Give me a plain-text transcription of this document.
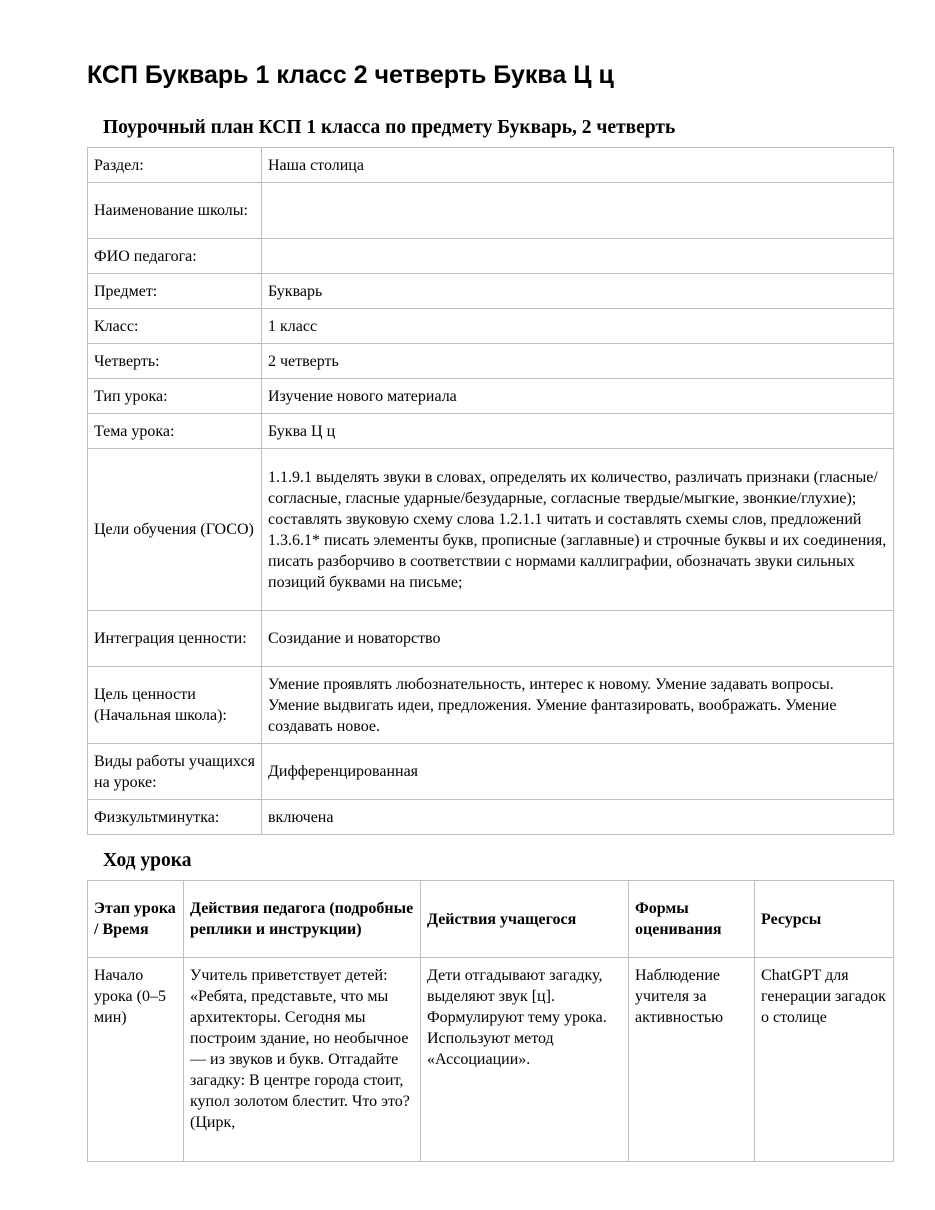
КСП Букварь 1 класс 2 четверть Буква Ц ц
Поурочный план КСП 1 класса по предмету Букварь, 2 четверть
Раздел:	Наша столица
Наименование школы:	
ФИО педагога:	
Предмет:	Букварь
Класс:	1 класс
Четверть:	2 четверть
Тип урока:	Изучение нового материала
Тема урока:	Буква Ц ц
Цели обучения (ГОСО)	1.1.9.1 выделять звуки в словах, определять их количество, различать признаки (гласные/ согласные, гласные ударные/безударные, согласные твердые/мыгкие, звонкие/глухие); составлять звуковую схему слова 1.2.1.1 читать и составлять схемы слов, предложений 1.3.6.1* писать элементы букв, прописные (заглавные) и строчные буквы и их соединения, писать разборчиво в соответствии с нормами каллиграфии, обозначать звуки сильных позиций буквами на письме;
Интеграция ценности:	Созидание и новаторство
Цель ценности (Начальная школа):	Умение проявлять любознательность, интерес к новому. Умение задавать вопросы. Умение выдвигать идеи, предложения. Умение фантазировать, воображать. Умение создавать новое.
Виды работы учащихся на уроке:	Дифференцированная
Физкультминутка:	включена
Ход урока
Этап урока / Время	Действия педагога (подробные реплики и инструкции)	Действия учащегося	Формы оценивания	Ресурсы
Начало урока (0–5 мин)	Учитель приветствует детей: «Ребята, представьте, что мы архитекторы. Сегодня мы построим здание, но необычное — из звуков и букв. Отгадайте загадку: В центре города стоит, купол золотом блестит. Что это? (Цирк,	Дети отгадывают загадку, выделяют звук [ц]. Формулируют тему урока. Используют метод «Ассоциации».	Наблюдение учителя за активностью	ChatGPT для генерации загадок о столице
